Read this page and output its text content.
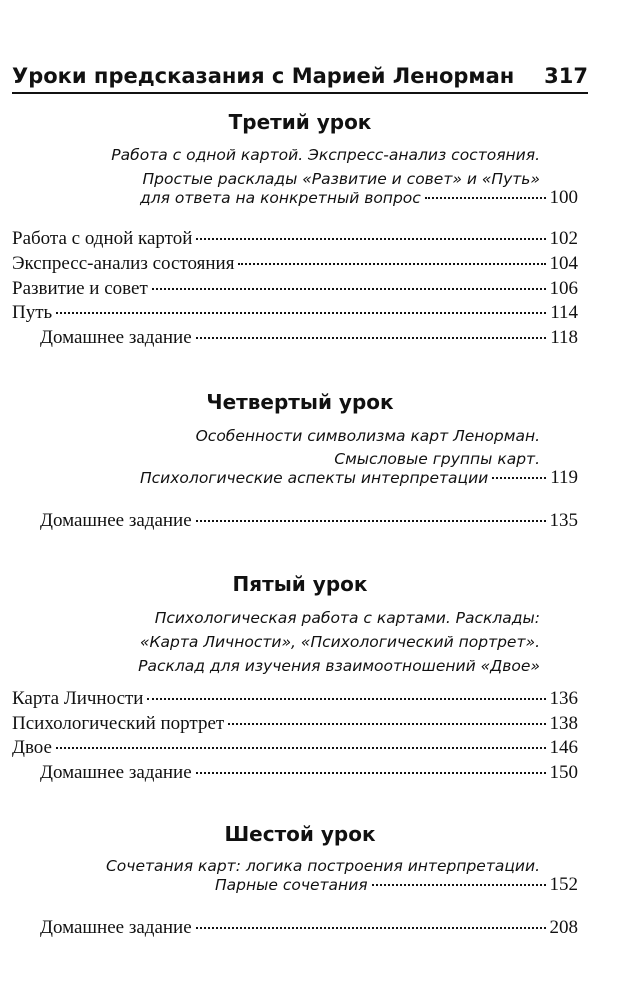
Уроки предсказания с Марией Ленорман 317
Третий урок
Работа с одной картой. Экспресс-анализ состояния.
Простые расклады «Развитие и совет» и «Путь»
для ответа на конкретный вопрос	100
Работа с одной картой	102
Экспресс-анализ состояния	104
Развитие и совет	106
Путь	114
Домашнее задание	118
Четвертый урок
Особенности символизма карт Ленорман.
Смысловые группы карт.
Психологические аспекты интерпретации	119
Домашнее задание	135
Пятый урок
Психологическая работа с картами. Расклады:
«Карта Личности», «Психологический портрет».
Расклад для изучения взаимоотношений «Двое»
Карта Личности	136
Психологический портрет	138
Двое	146
Домашнее задание	150
Шестой урок
Сочетания карт: логика построения интерпретации.
Парные сочетания	152
Домашнее задание	208
